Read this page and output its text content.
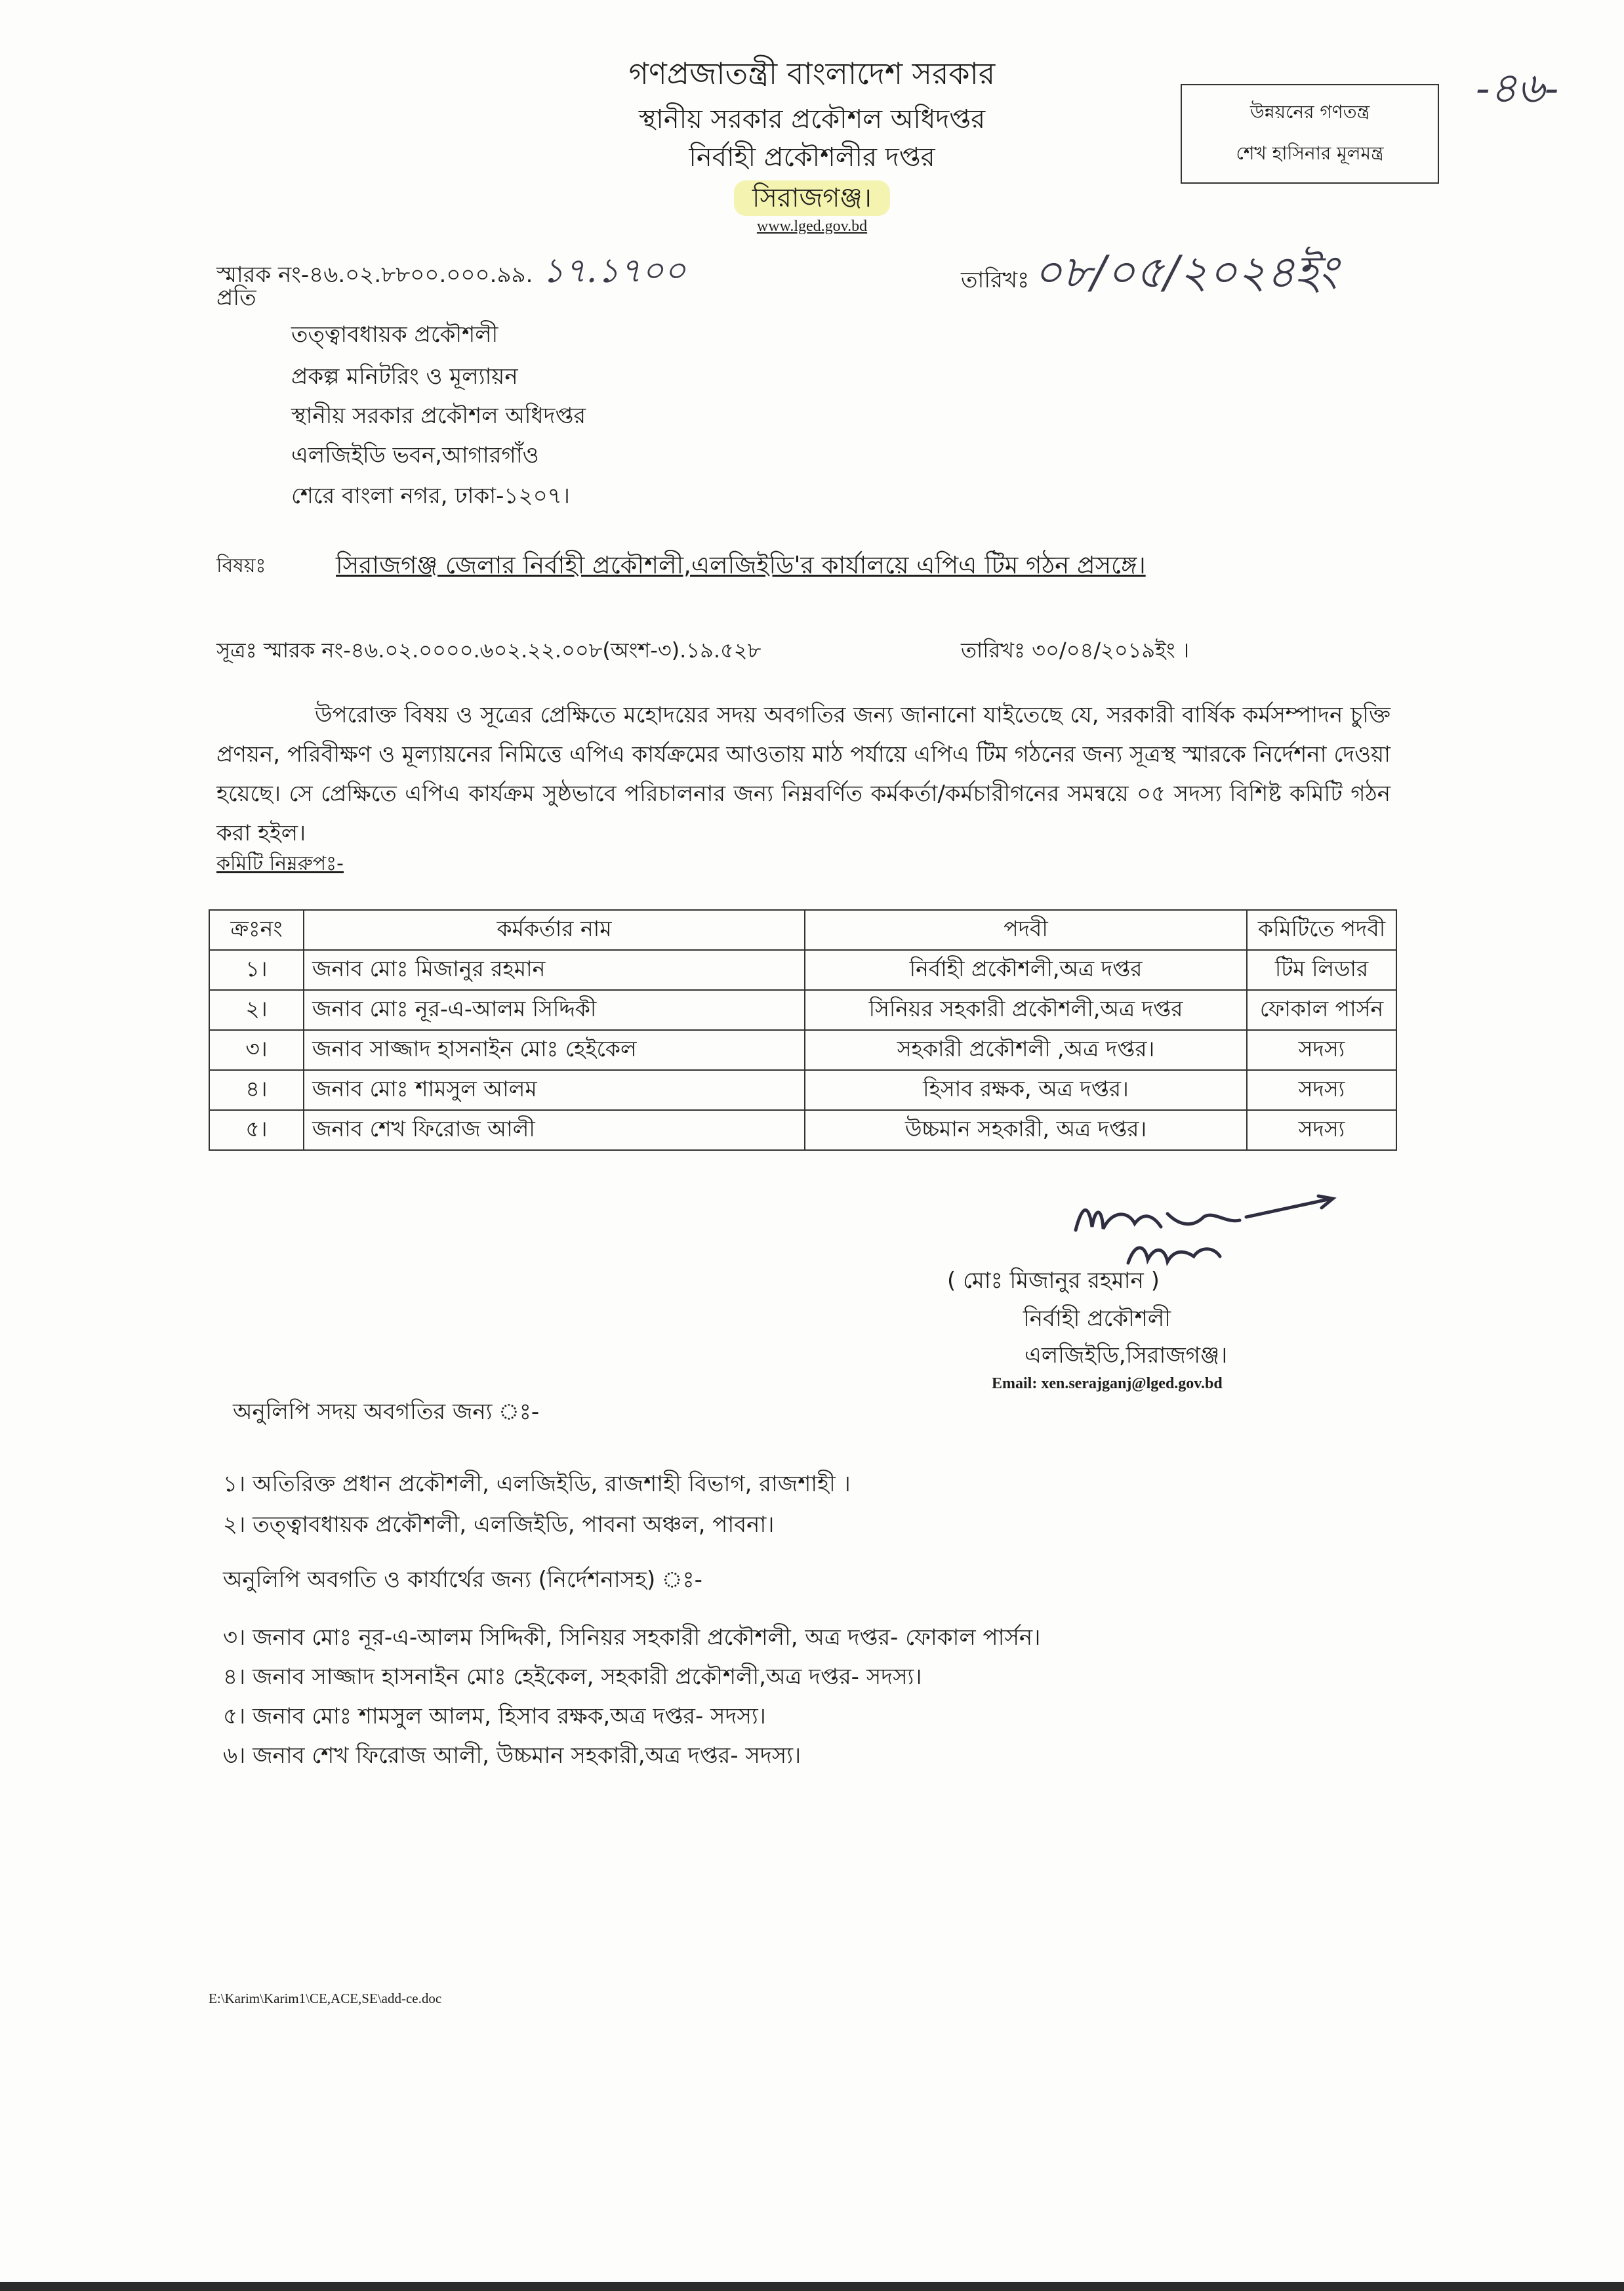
গণপ্রজাতন্ত্রী বাংলাদেশ সরকার
স্থানীয় সরকার প্রকৌশল অধিদপ্তর
নির্বাহী প্রকৌশলীর দপ্তর
সিরাজগঞ্জ।
www.lged.gov.bd
উন্নয়নের গণতন্ত্র
শেখ হাসিনার মূলমন্ত্র
-৪৬-
স্মারক নং-৪৬.০২.৮৮০০.০০০.৯৯. ১৭.১৭০০	তারিখঃ০৮/০৫/২০২৪ইং
প্রতি
তত্ত্বাবধায়ক প্রকৌশলী
প্রকল্প মনিটরিং ও মূল্যায়ন
স্থানীয় সরকার প্রকৌশল অধিদপ্তর
এলজিইডি ভবন,আগারগাঁও
শেরে বাংলা নগর, ঢাকা-১২০৭।
বিষয়ঃ	সিরাজগঞ্জ জেলার নির্বাহী প্রকৌশলী,এলজিইডি'র কার্যালয়ে এপিএ টিম গঠন প্রসঙ্গে।
সূত্রঃ স্মারক নং-৪৬.০২.০০০০.৬০২.২২.০০৮(অংশ-৩).১৯.৫২৮	তারিখঃ ৩০/০৪/২০১৯ইং ।
উপরোক্ত বিষয় ও সূত্রের প্রেক্ষিতে মহোদয়ের সদয় অবগতির জন্য জানানো যাইতেছে যে, সরকারী বার্ষিক কর্মসম্পাদন চুক্তি প্রণয়ন, পরিবীক্ষণ ও মূল্যায়নের নিমিত্তে এপিএ কার্যক্রমের আওতায় মাঠ পর্যায়ে এপিএ টিম গঠনের জন্য সূত্রস্থ স্মারকে নির্দেশনা দেওয়া হয়েছে। সে প্রেক্ষিতে এপিএ কার্যক্রম সুষ্ঠভাবে পরিচালনার জন্য নিম্নবর্ণিত কর্মকর্তা/কর্মচারীগনের সমন্বয়ে ০৫ সদস্য বিশিষ্ট কমিটি গঠন করা হইল।
কমিটি নিম্নরুপঃ-
ক্রঃনং	কর্মকর্তার নাম	পদবী	কমিটিতে পদবী
১।	জনাব মোঃ মিজানুর রহমান	নির্বাহী প্রকৌশলী,অত্র দপ্তর	টিম লিডার
২।	জনাব মোঃ নূর-এ-আলম সিদ্দিকী	সিনিয়র সহকারী প্রকৌশলী,অত্র দপ্তর	ফোকাল পার্সন
৩।	জনাব সাজ্জাদ হাসনাইন মোঃ হেইকেল	সহকারী প্রকৌশলী ,অত্র দপ্তর।	সদস্য
৪।	জনাব মোঃ শামসুল আলম	হিসাব রক্ষক, অত্র দপ্তর।	সদস্য
৫।	জনাব শেখ ফিরোজ আলী	উচ্চমান সহকারী, অত্র দপ্তর।	সদস্য
( মোঃ মিজানুর রহমান )
নির্বাহী প্রকৌশলী
এলজিইডি,সিরাজগঞ্জ।
Email: xen.serajganj@lged.gov.bd
অনুলিপি সদয় অবগতির জন্য ঃ-
১। অতিরিক্ত প্রধান প্রকৌশলী, এলজিইডি, রাজশাহী বিভাগ, রাজশাহী ।
২। তত্ত্বাবধায়ক প্রকৌশলী, এলজিইডি, পাবনা অঞ্চল, পাবনা।
অনুলিপি অবগতি ও কার্যার্থের জন্য (নির্দেশনাসহ) ঃ-
৩। জনাব মোঃ নূর-এ-আলম সিদ্দিকী, সিনিয়র সহকারী প্রকৌশলী, অত্র দপ্তর- ফোকাল পার্সন।
৪। জনাব সাজ্জাদ হাসনাইন মোঃ হেইকেল, সহকারী প্রকৌশলী,অত্র দপ্তর- সদস্য।
৫। জনাব মোঃ শামসুল আলম, হিসাব রক্ষক,অত্র দপ্তর- সদস্য।
৬। জনাব শেখ ফিরোজ আলী, উচ্চমান সহকারী,অত্র দপ্তর- সদস্য।
E:\Karim\Karim1\CE,ACE,SE\add-ce.doc
